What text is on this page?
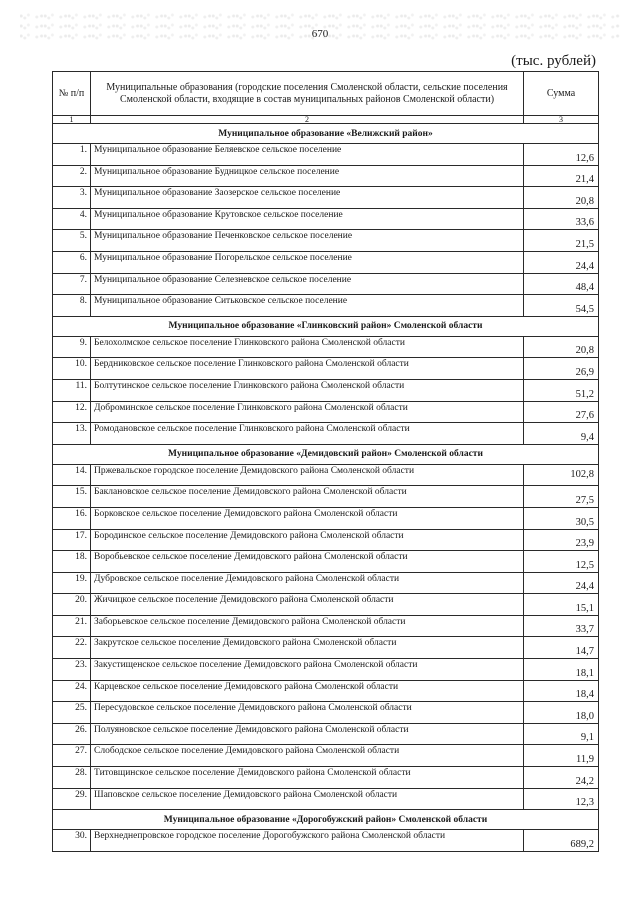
670
(тыс. рублей)
№ п/п	Муниципальные образования (городские поселения Смоленской области, сельские поселения Смоленской области, входящие в состав муниципальных районов Смоленской области)	Сумма
1	2	3
Муниципальное образование «Велижский район»		
1.	Муниципальное образование Беляевское сельское поселение	12,6
2.	Муниципальное образование Будницкое сельское поселение	21,4
3.	Муниципальное образование Заозерское сельское поселение	20,8
4.	Муниципальное образование Крутовское сельское поселение	33,6
5.	Муниципальное образование Печенковское сельское поселение	21,5
6.	Муниципальное образование Погорельское сельское поселение	24,4
7.	Муниципальное образование Селезневское сельское поселение	48,4
8.	Муниципальное образование Ситьковское сельское поселение	54,5
Муниципальное образование «Глинковский район» Смоленской области		
9.	Белохолмское сельское поселение Глинковского района Смоленской области	20,8
10.	Бердниковское сельское поселение Глинковского района Смоленской области	26,9
11.	Болтутинское сельское поселение Глинковского района Смоленской области	51,2
12.	Доброминское сельское поселение Глинковского района Смоленской области	27,6
13.	Ромодановское сельское поселение Глинковского района Смоленской области	9,4
Муниципальное образование «Демидовский район» Смоленской области		
14.	Пржевальское городское поселение Демидовского района Смоленской области	102,8
15.	Баклановское сельское поселение Демидовского района Смоленской области	27,5
16.	Борковское сельское поселение Демидовского района Смоленской области	30,5
17.	Бородинское сельское поселение Демидовского района Смоленской области	23,9
18.	Воробьевское сельское поселение Демидовского района Смоленской области	12,5
19.	Дубровское сельское поселение Демидовского района Смоленской области	24,4
20.	Жичицкое сельское поселение Демидовского района Смоленской области	15,1
21.	Заборьевское сельское поселение Демидовского района Смоленской области	33,7
22.	Закрутское сельское поселение Демидовского района Смоленской области	14,7
23.	Закустищенское сельское поселение Демидовского района Смоленской области	18,1
24.	Карцевское сельское поселение Демидовского района Смоленской области	18,4
25.	Пересудовское сельское поселение Демидовского района Смоленской области	18,0
26.	Полуяновское сельское поселение Демидовского района Смоленской области	9,1
27.	Слободское сельское поселение Демидовского района Смоленской области	11,9
28.	Титовщинское сельское поселение Демидовского района Смоленской области	24,2
29.	Шаповское сельское поселение Демидовского района Смоленской области	12,3
Муниципальное образование «Дорогобужский район» Смоленской области		
30.	Верхнеднепровское городское поселение Дорогобужского района Смоленской области	689,2
